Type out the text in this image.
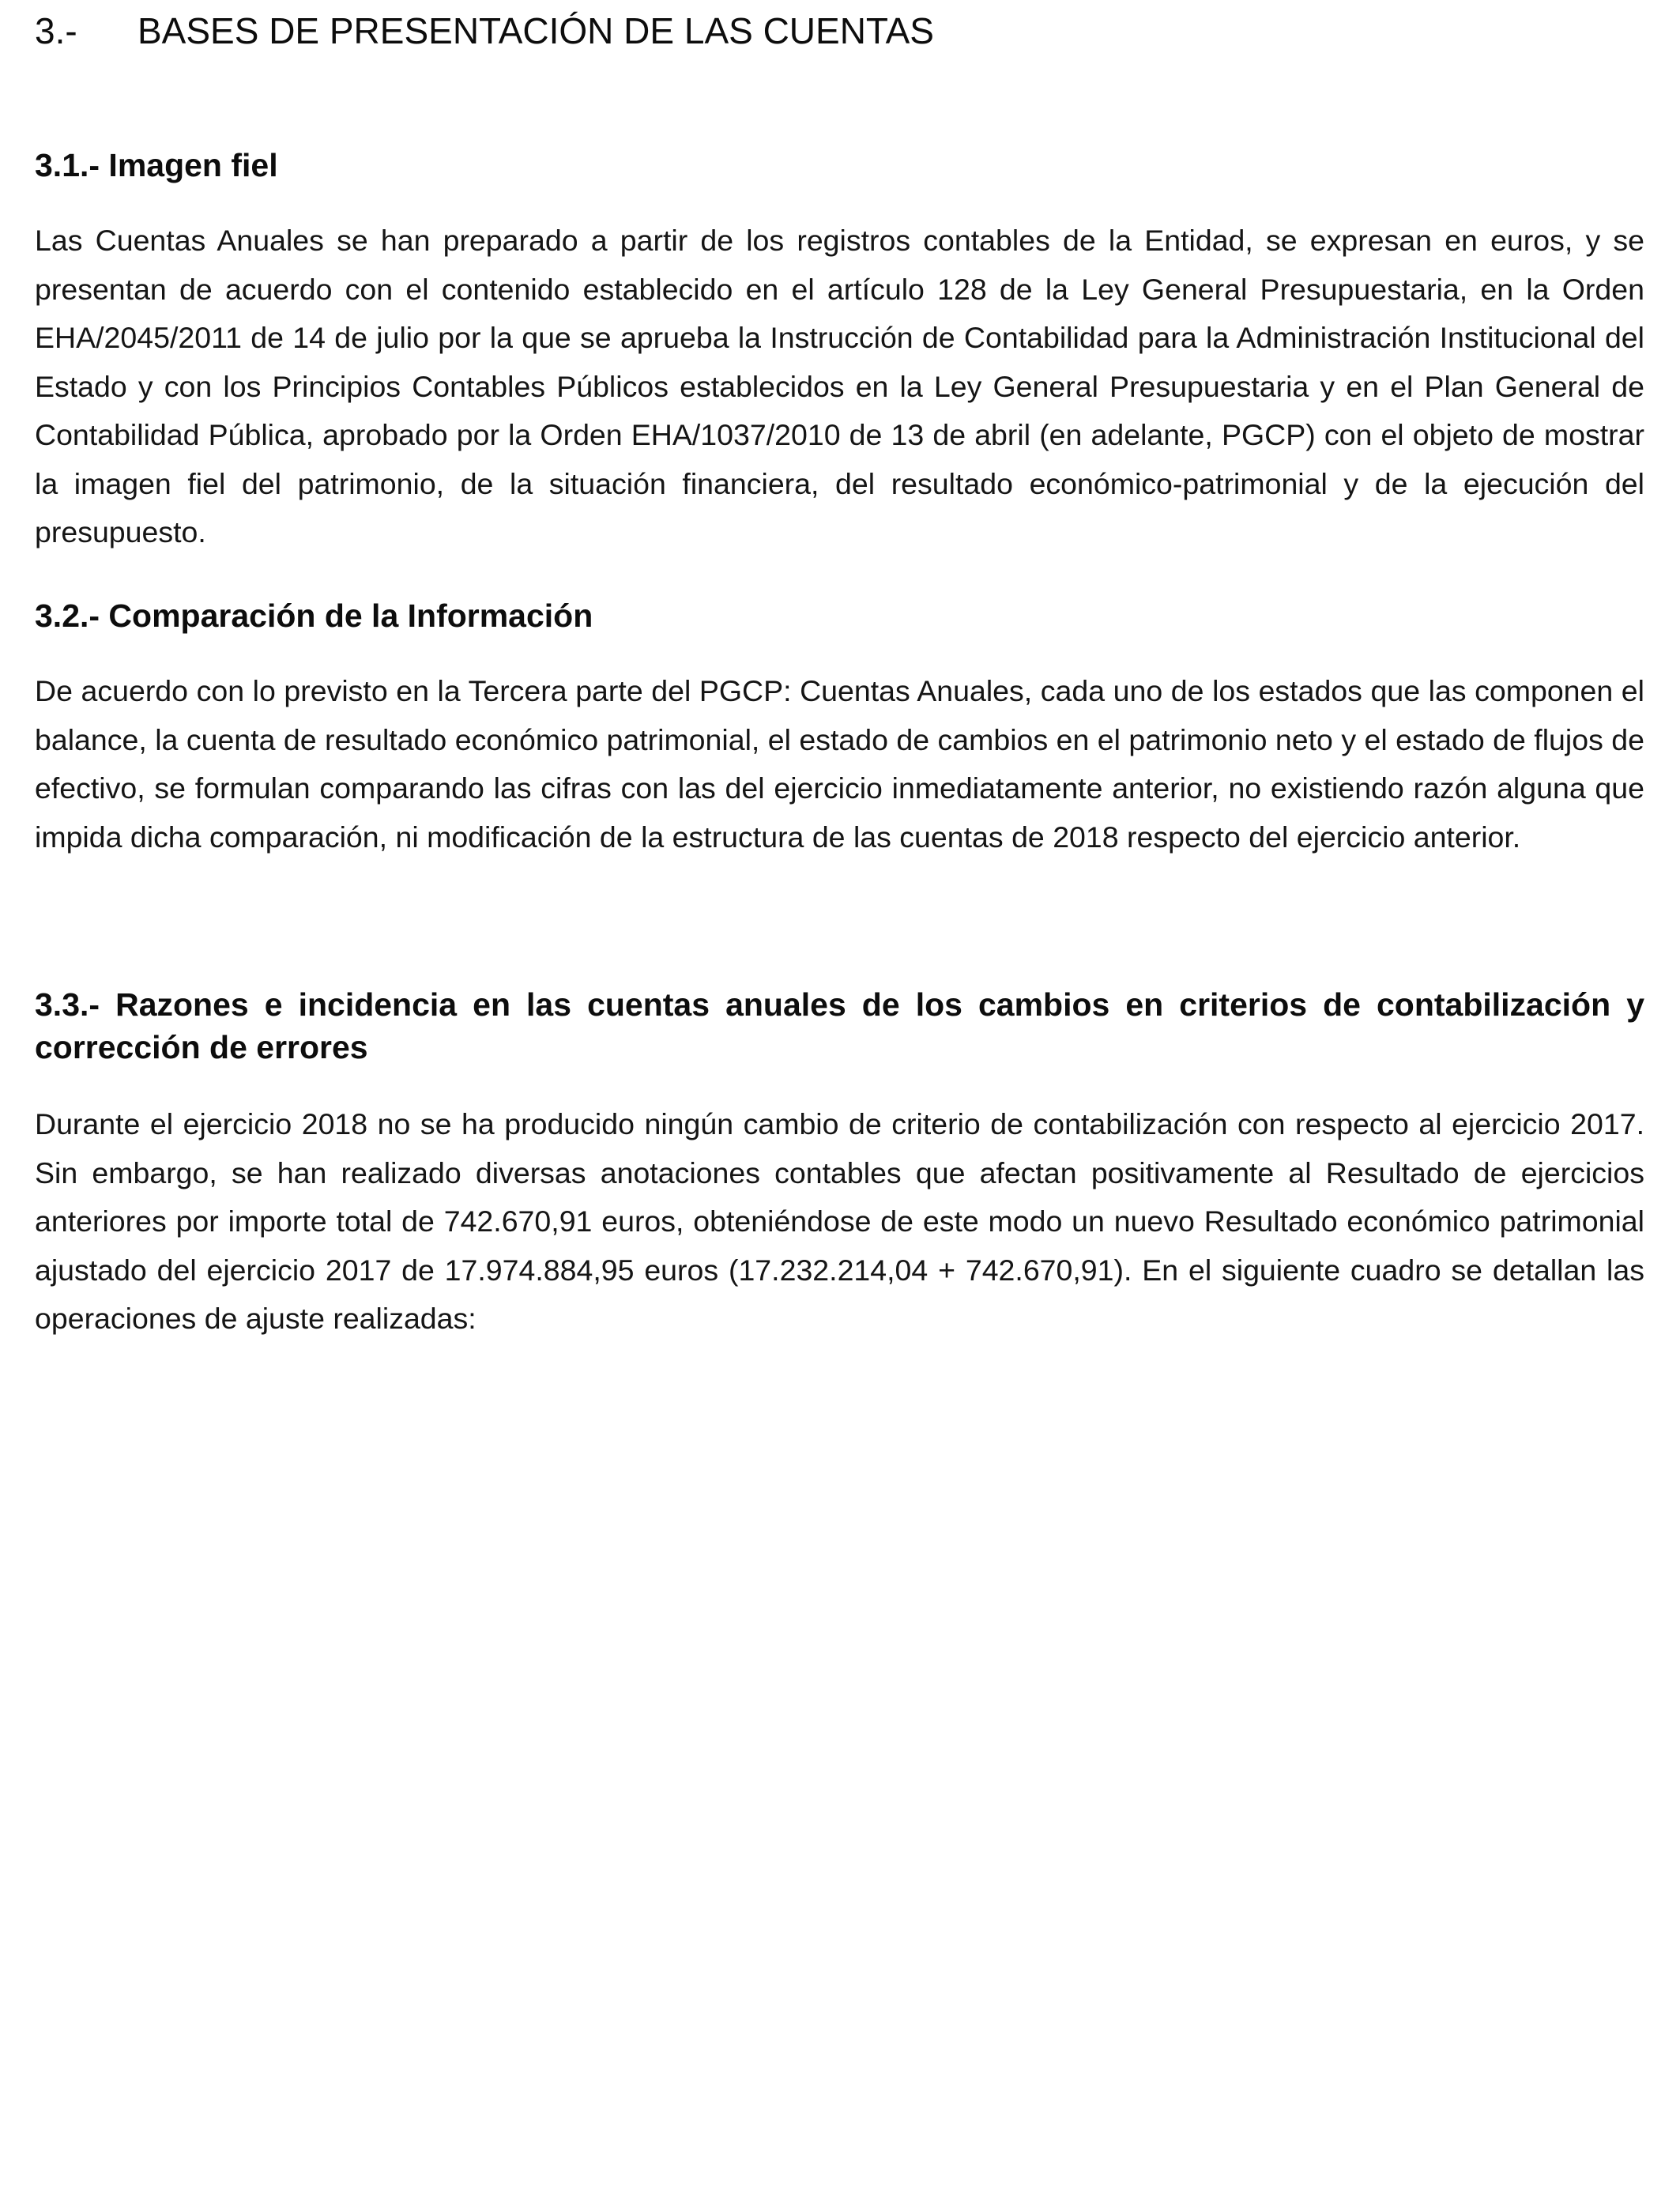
3.- BASES DE PRESENTACIÓN DE LAS CUENTAS
3.1.- Imagen fiel

Las Cuentas Anuales se han preparado a partir de los registros contables de la Entidad, se expresan en euros, y se presentan de acuerdo con el contenido establecido en el artículo 128 de la Ley General Presupuestaria, en la Orden EHA/2045/2011 de 14 de julio por la que se aprueba la Instrucción de Contabilidad para la Administración Institucional del Estado y con los Principios Contables Públicos establecidos en la Ley General Presupuestaria y en el Plan General de Contabilidad Pública, aprobado por la Orden EHA/1037/2010 de 13 de abril (en adelante, PGCP) con el objeto de mostrar la imagen fiel del patrimonio, de la situación financiera, del resultado económico-patrimonial y de la ejecución del presupuesto.

3.2.- Comparación de la Información

De acuerdo con lo previsto en la Tercera parte del PGCP: Cuentas Anuales, cada uno de los estados que las componen el balance, la cuenta de resultado económico patrimonial, el estado de cambios en el patrimonio neto y el estado de flujos de efectivo, se formulan comparando las cifras con las del ejercicio inmediatamente anterior, no existiendo razón alguna que impida dicha comparación, ni modificación de la estructura de las cuentas de 2018 respecto del ejercicio anterior.

3.3.- Razones e incidencia en las cuentas anuales de los cambios en criterios de contabilización y corrección de errores

Durante el ejercicio 2018 no se ha producido ningún cambio de criterio de contabilización con respecto al ejercicio 2017. Sin embargo, se han realizado diversas anotaciones contables que afectan positivamente al Resultado de ejercicios anteriores por importe total de 742.670,91 euros, obteniéndose de este modo un nuevo Resultado económico patrimonial ajustado del ejercicio 2017 de 17.974.884,95 euros (17.232.214,04 + 742.670,91). En el siguiente cuadro se detallan las operaciones de ajuste realizadas:
